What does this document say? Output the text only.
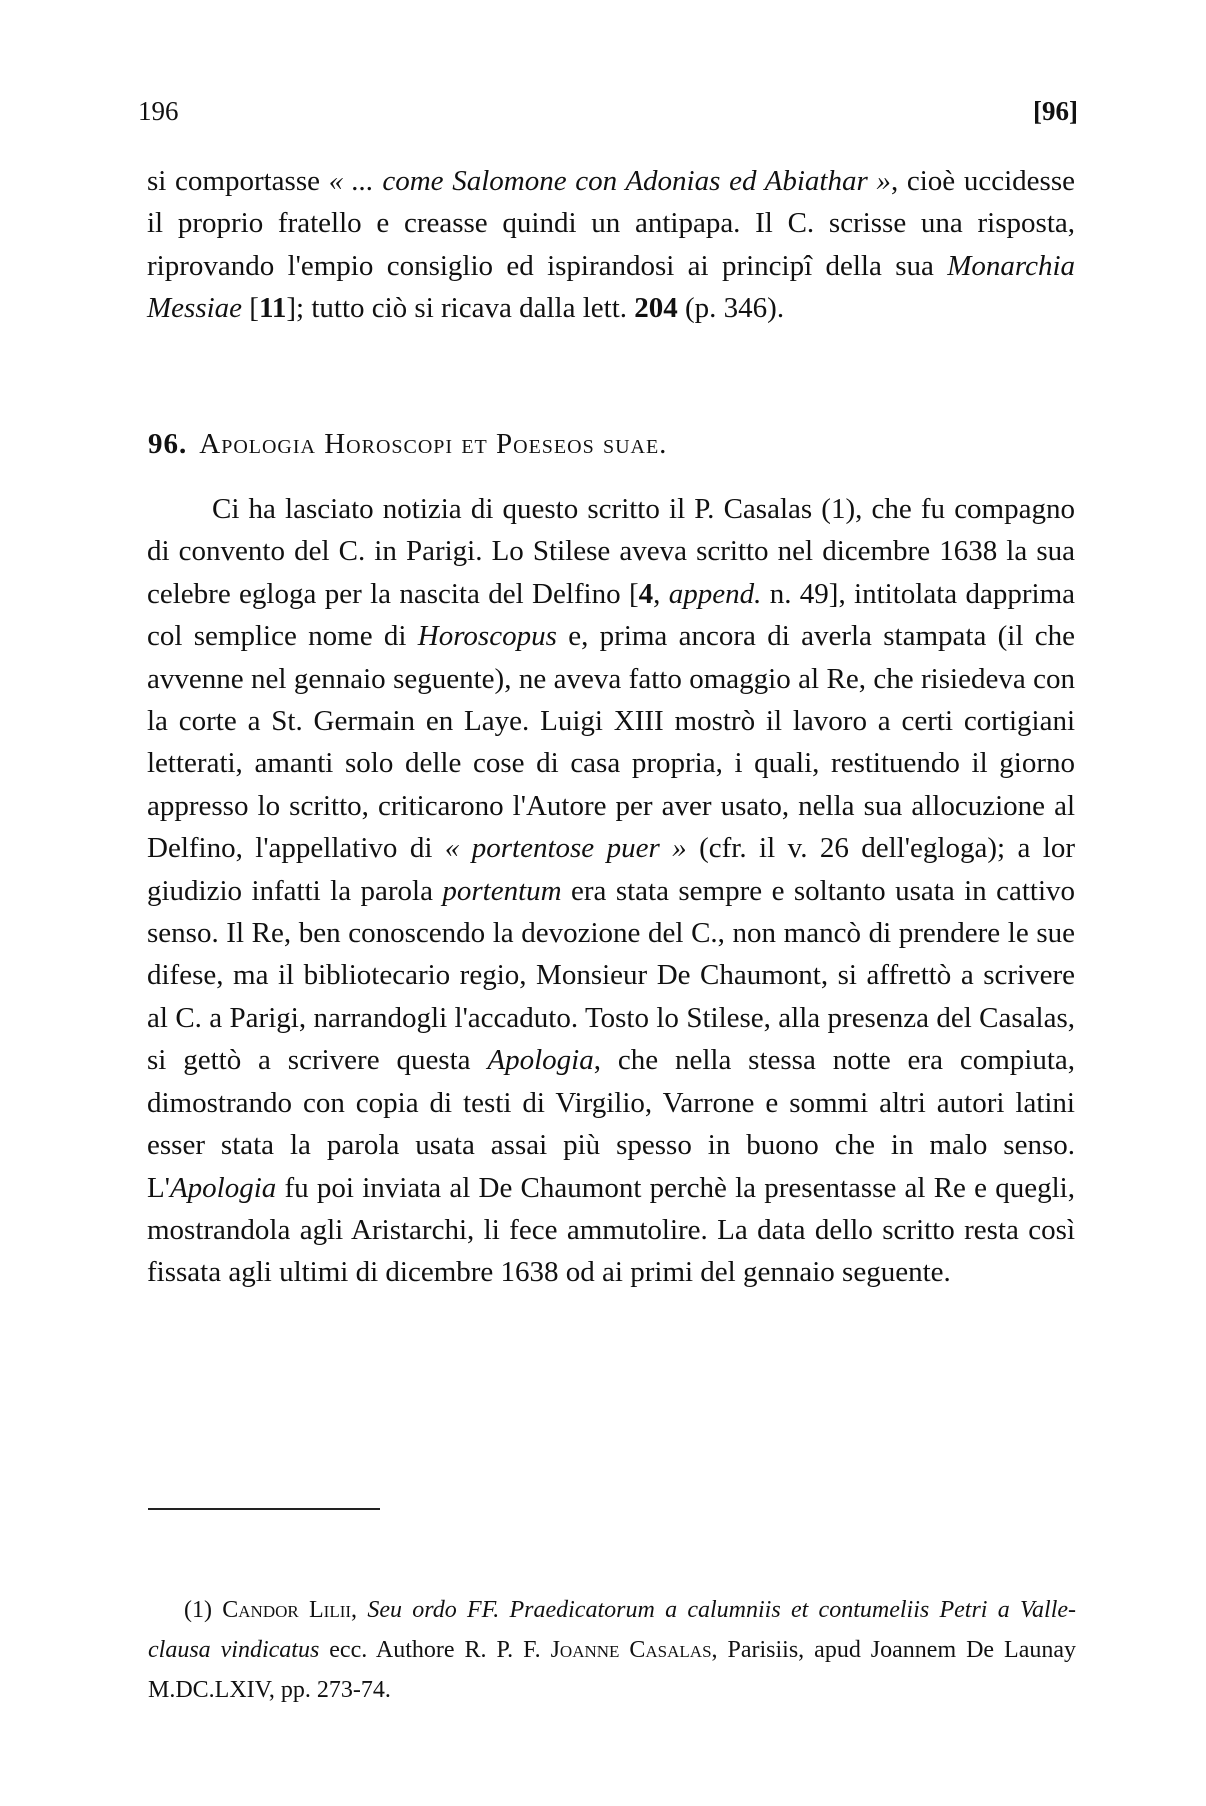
196	[96]
si comportasse « ... come Salomone con Adonias ed Abiathar », cioè uccidesse il proprio fratello e creasse quindi un antipapa. Il C. scrisse una risposta, riprovando l'empio consiglio ed ispirandosi ai principî della sua Monarchia Messiae [11]; tutto ciò si ricava dalla lett. 204 (p. 346).
96. Apologia Horoscopi et Poeseos suae.
Ci ha lasciato notizia di questo scritto il P. Casalas (1), che fu compagno di convento del C. in Parigi. Lo Stilese aveva scritto nel dicembre 1638 la sua celebre egloga per la nascita del Delfino [4, append. n. 49], intitolata dapprima col semplice nome di Horoscopus e, prima ancora di averla stampata (il che avvenne nel gennaio seguente), ne aveva fatto omaggio al Re, che risiedeva con la corte a St. Germain en Laye. Luigi XIII mostrò il lavoro a certi cortigiani letterati, amanti solo delle cose di casa propria, i quali, restituendo il giorno appresso lo scritto, criticarono l'Autore per aver usato, nella sua allocuzione al Delfino, l'appellativo di « portentose puer » (cfr. il v. 26 dell'egloga); a lor giudizio infatti la parola portentum era stata sempre e soltanto usata in cattivo senso. Il Re, ben conoscendo la devozione del C., non mancò di prendere le sue difese, ma il bibliotecario regio, Monsieur De Chaumont, si affrettò a scrivere al C. a Parigi, narrandogli l'accaduto. Tosto lo Stilese, alla presenza del Casalas, si gettò a scrivere questa Apologia, che nella stessa notte era compiuta, dimostrando con copia di testi di Virgilio, Varrone e sommi altri autori latini esser stata la parola usata assai più spesso in buono che in malo senso. L'Apologia fu poi inviata al De Chaumont perchè la presentasse al Re e quegli, mostrandola agli Aristarchi, li fece ammutolire. La data dello scritto resta così fissata agli ultimi di dicembre 1638 od ai primi del gennaio seguente.
(1) Candor Lilii, Seu ordo FF. Praedicatorum a calumniis et contumeliis Petri a Valle-clausa vindicatus ecc. Authore R. P. F. Joanne Casalas, Parisiis, apud Joannem De Launay M.DC.LXIV, pp. 273-74.
